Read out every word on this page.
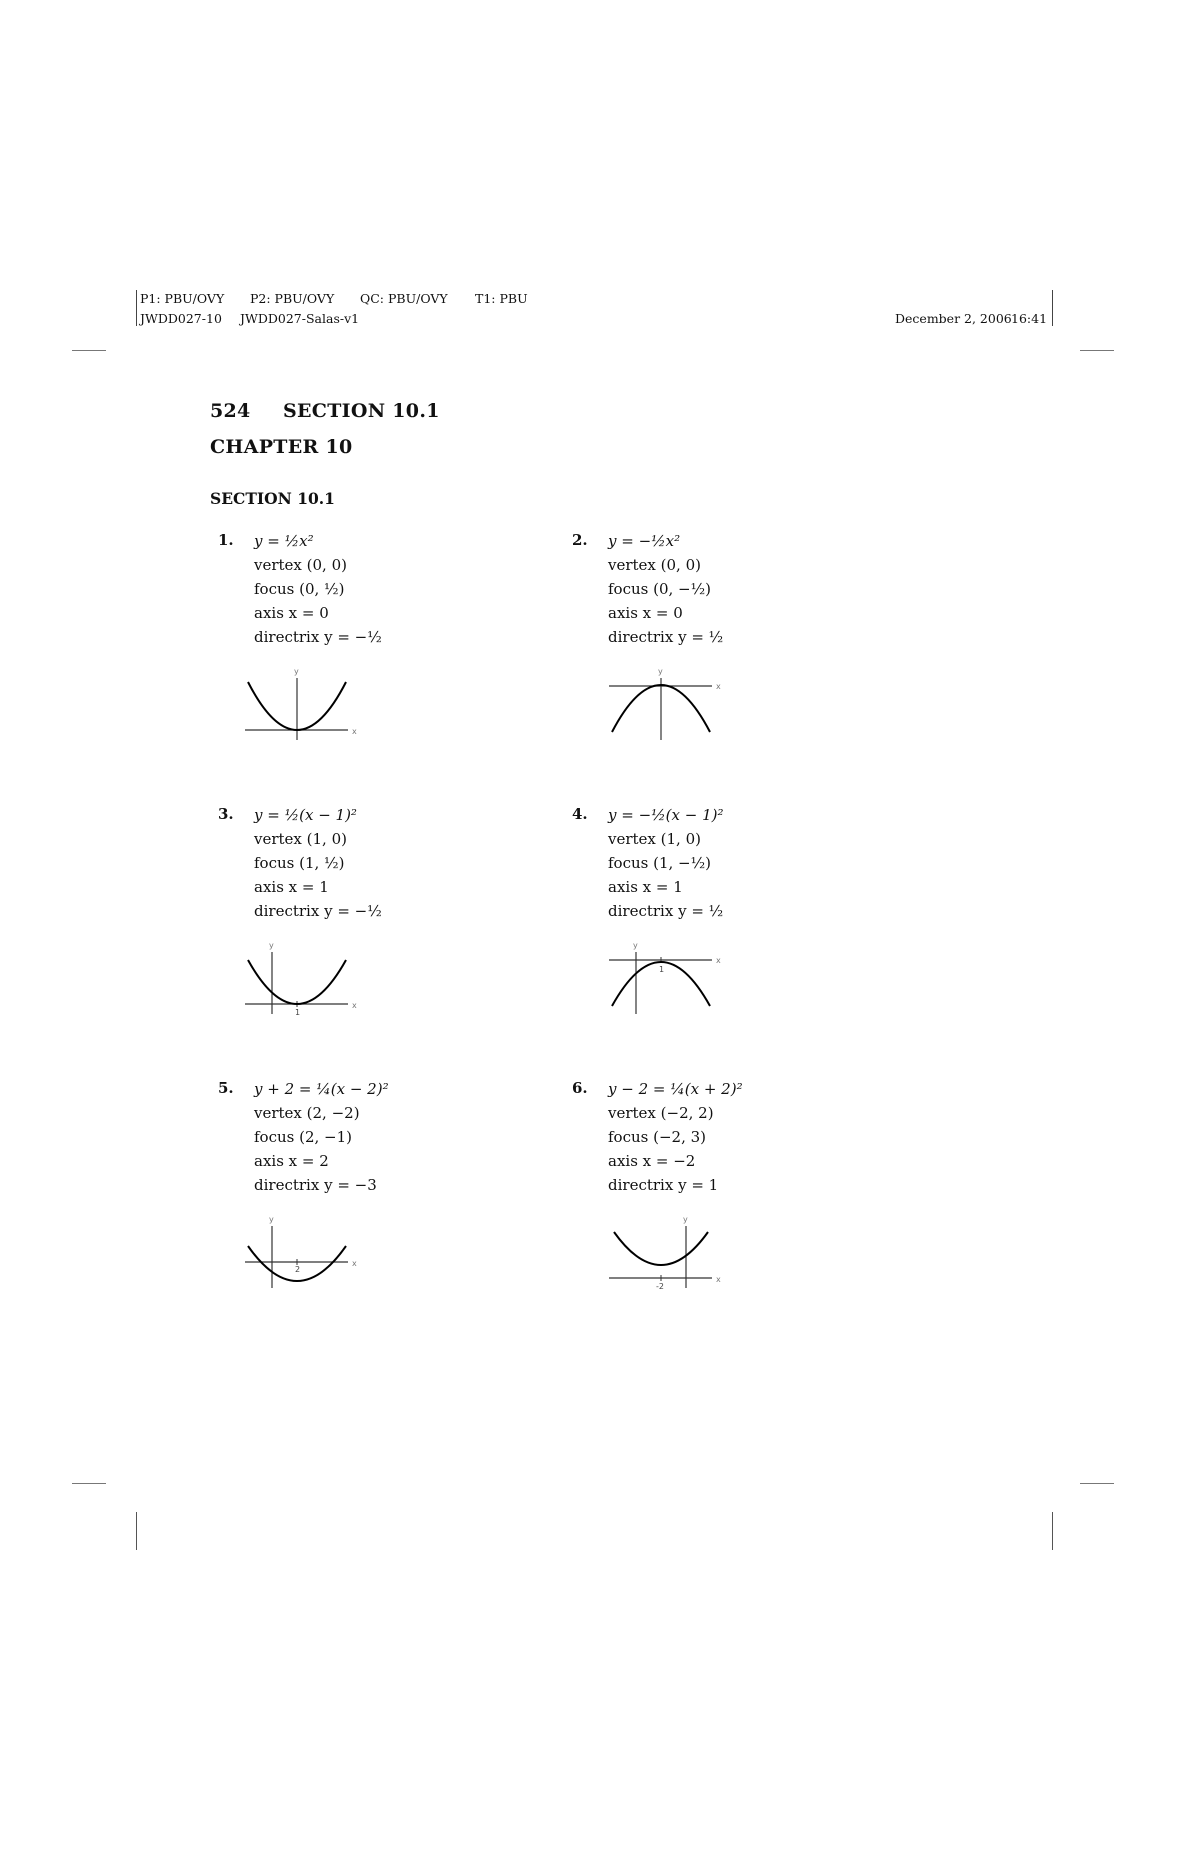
P1: PBU/OVY P2: PBU/OVY QC: PBU/OVY T1: PBU
JWDD027-10 JWDD027-Salas-v1	December 2, 2006 16:41
524 SECTION 10.1
CHAPTER 10
SECTION 10.1
1. y = ½x²
vertex (0, 0)
focus (0, ½)
axis x = 0
directrix y = −½
x
y
2. y = −½x²
vertex (0, 0)
focus (0, −½)
axis x = 0
directrix y = ½
x
y
3. y = ½(x − 1)²
vertex (1, 0)
focus (1, ½)
axis x = 1
directrix y = −½
x
y
1
4. y = −½(x − 1)²
vertex (1, 0)
focus (1, −½)
axis x = 1
directrix y = ½
x
y
1
5. y + 2 = ¼(x − 2)²
vertex (2, −2)
focus (2, −1)
axis x = 2
directrix y = −3
x
y
2
6. y − 2 = ¼(x + 2)²
vertex (−2, 2)
focus (−2, 3)
axis x = −2
directrix y = 1
x
y
-2
